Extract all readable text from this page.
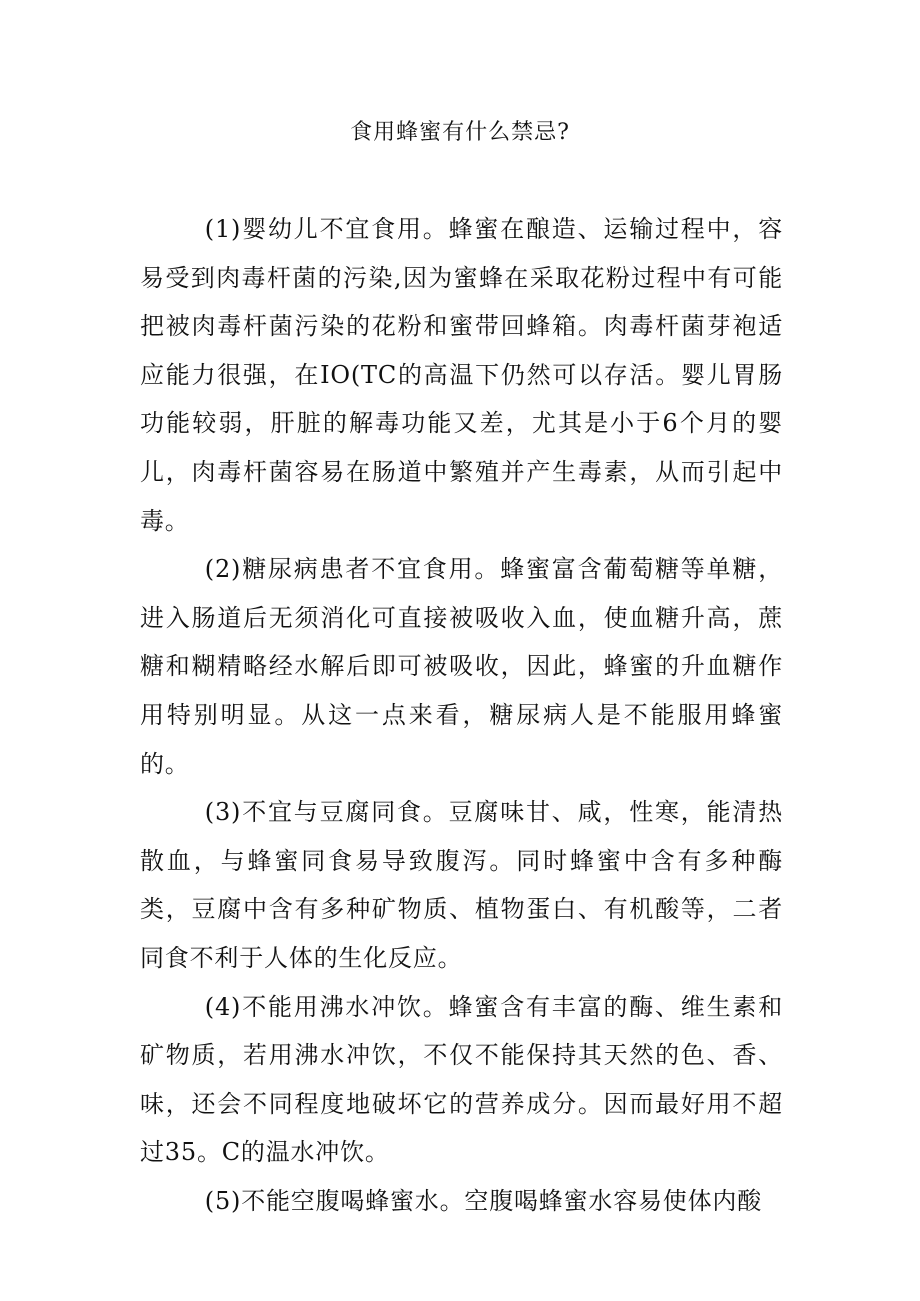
食用蜂蜜有什么禁忌?

(1)婴幼儿不宜食用。蜂蜜在酿造、运输过程中，容易受到肉毒杆菌的污染,因为蜜蜂在采取花粉过程中有可能把被肉毒杆菌污染的花粉和蜜带回蜂箱。肉毒杆菌芽袍适应能力很强，在IO(TC的高温下仍然可以存活。婴儿胃肠功能较弱，肝脏的解毒功能又差，尤其是小于6个月的婴儿，肉毒杆菌容易在肠道中繁殖并产生毒素，从而引起中毒。

(2)糖尿病患者不宜食用。蜂蜜富含葡萄糖等单糖，进入肠道后无须消化可直接被吸收入血，使血糖升高，蔗糖和糊精略经水解后即可被吸收，因此，蜂蜜的升血糖作用特别明显。从这一点来看，糖尿病人是不能服用蜂蜜的。

(3)不宜与豆腐同食。豆腐味甘、咸，性寒，能清热散血，与蜂蜜同食易导致腹泻。同时蜂蜜中含有多种酶类，豆腐中含有多种矿物质、植物蛋白、有机酸等，二者同食不利于人体的生化反应。

(4)不能用沸水冲饮。蜂蜜含有丰富的酶、维生素和矿物质，若用沸水冲饮，不仅不能保持其天然的色、香、味，还会不同程度地破坏它的营养成分。因而最好用不超过35。C的温水冲饮。

(5)不能空腹喝蜂蜜水。空腹喝蜂蜜水容易使体内酸
